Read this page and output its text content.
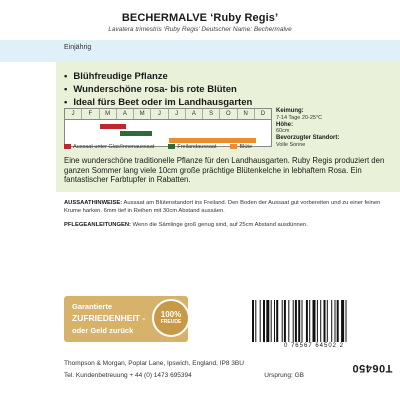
BECHERMALVE ‘Ruby Regis’
Lavatera trimestris ‘Ruby Regis’ Deutscher Name: Bechermalve
Einjährig
• Blühfreudige Pflanze
• Wunderschöne rosa- bis rote Blüten
• Ideal fürs Beet oder im Landhausgarten
J	F	M	A	M	J	J	A	S	O	N	D
Aussaat unter Glas/Innenaussaat	Freilandaussaat	Blüte
Keimung:
7-14 Tage 20-25°C
Höhe:
60cm
Bevorzugter Standort:
Volle Sonne
Eine wunderschöne traditionelle Pflanze für den Landhausgarten. Ruby Regis produziert den ganzen Sommer lang viele 10cm große prächtige Blütenkelche in lebhaftem Rosa. Ein fantastischer Farbtupfer in Rabatten.
AUSSAATHINWEISE: Aussaat am Blütenstandort ins Freiland. Den Boden der Aussaat gut vorbereiten und zu einer feinen Krume harken. 6mm tief in Reihen mit 30cm Abstand aussäen.
PFLEGEANLEITUNGEN: Wenn die Sämlinge groß genug sind, auf 25cm Abstand ausdünnen.
Garantierte
ZUFRIEDENHEIT -
oder Geld zurück
100%
FREUDE
0 76567 64502 2
Thompson & Morgan, Poplar Lane, Ipswich, England, IP8 3BU
Tel. Kundenbetreuung + 44 (0) 1473 695394	Ursprung: GB
T06450
